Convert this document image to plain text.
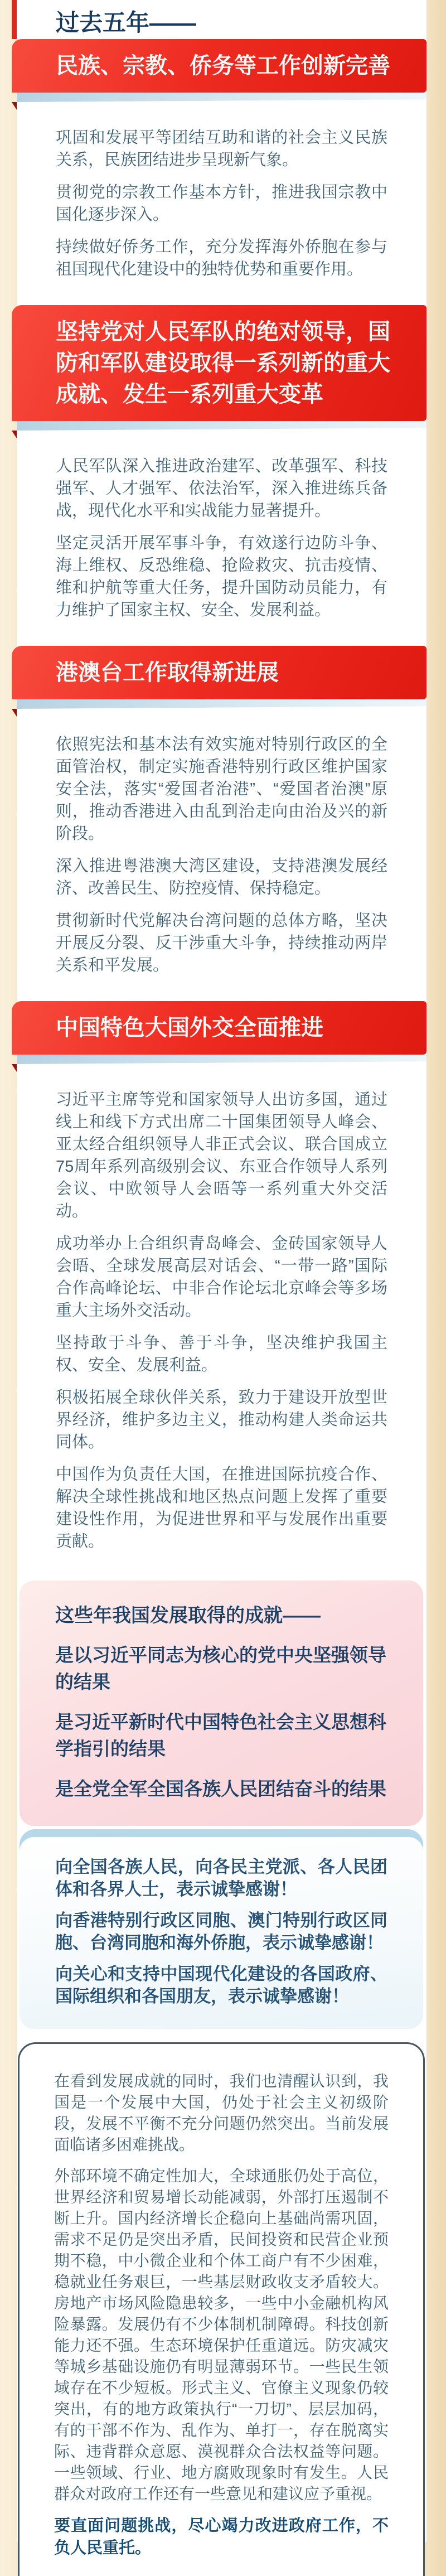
过去五年——
民族、宗教、侨务等工作创新完善

巩固和发展平等团结互助和谐的社会主义民族关系，民族团结进步呈现新气象。

贯彻党的宗教工作基本方针，推进我国宗教中国化逐步深入。

持续做好侨务工作，充分发挥海外侨胞在参与祖国现代化建设中的独特优势和重要作用。

坚持党对人民军队的绝对领导，国防和军队建设取得一系列新的重大成就、发生一系列重大变革

人民军队深入推进政治建军、改革强军、科技强军、人才强军、依法治军，深入推进练兵备战，现代化水平和实战能力显著提升。

坚定灵活开展军事斗争，有效遂行边防斗争、海上维权、反恐维稳、抢险救灾、抗击疫情、维和护航等重大任务，提升国防动员能力，有力维护了国家主权、安全、发展利益。

港澳台工作取得新进展

依照宪法和基本法有效实施对特别行政区的全面管治权，制定实施香港特别行政区维护国家安全法，落实“爱国者治港”、“爱国者治澳”原则，推动香港进入由乱到治走向由治及兴的新阶段。

深入推进粤港澳大湾区建设，支持港澳发展经济、改善民生、防控疫情、保持稳定。

贯彻新时代党解决台湾问题的总体方略，坚决开展反分裂、反干涉重大斗争，持续推动两岸关系和平发展。

中国特色大国外交全面推进

习近平主席等党和国家领导人出访多国，通过线上和线下方式出席二十国集团领导人峰会、亚太经合组织领导人非正式会议、联合国成立75周年系列高级别会议、东亚合作领导人系列会议、中欧领导人会晤等一系列重大外交活动。

成功举办上合组织青岛峰会、金砖国家领导人会晤、全球发展高层对话会、“一带一路”国际合作高峰论坛、中非合作论坛北京峰会等多场重大主场外交活动。

坚持敢于斗争、善于斗争，坚决维护我国主权、安全、发展利益。

积极拓展全球伙伴关系，致力于建设开放型世界经济，维护多边主义，推动构建人类命运共同体。

中国作为负责任大国，在推进国际抗疫合作、解决全球性挑战和地区热点问题上发挥了重要建设性作用，为促进世界和平与发展作出重要贡献。

这些年我国发展取得的成就——
是以习近平同志为核心的党中央坚强领导的结果
是习近平新时代中国特色社会主义思想科学指引的结果
是全党全军全国各族人民团结奋斗的结果
向全国各族人民，向各民主党派、各人民团体和各界人士，表示诚挚感谢！
向香港特别行政区同胞、澳门特别行政区同胞、台湾同胞和海外侨胞，表示诚挚感谢！
向关心和支持中国现代化建设的各国政府、国际组织和各国朋友，表示诚挚感谢！

在看到发展成就的同时，我们也清醒认识到，我国是一个发展中大国，仍处于社会主义初级阶段，发展不平衡不充分问题仍然突出。当前发展面临诸多困难挑战。

外部环境不确定性加大，全球通胀仍处于高位，世界经济和贸易增长动能减弱，外部打压遏制不断上升。国内经济增长企稳向上基础尚需巩固，需求不足仍是突出矛盾，民间投资和民营企业预期不稳，中小微企业和个体工商户有不少困难，稳就业任务艰巨，一些基层财政收支矛盾较大。房地产市场风险隐患较多，一些中小金融机构风险暴露。发展仍有不少体制机制障碍。科技创新能力还不强。生态环境保护任重道远。防灾减灾等城乡基础设施仍有明显薄弱环节。一些民生领域存在不少短板。形式主义、官僚主义现象仍较突出，有的地方政策执行“一刀切”、层层加码，有的干部不作为、乱作为、单打一，存在脱离实际、违背群众意愿、漠视群众合法权益等问题。一些领域、行业、地方腐败现象时有发生。人民群众对政府工作还有一些意见和建议应予重视。

要直面问题挑战，尽心竭力改进政府工作，不负人民重托。
